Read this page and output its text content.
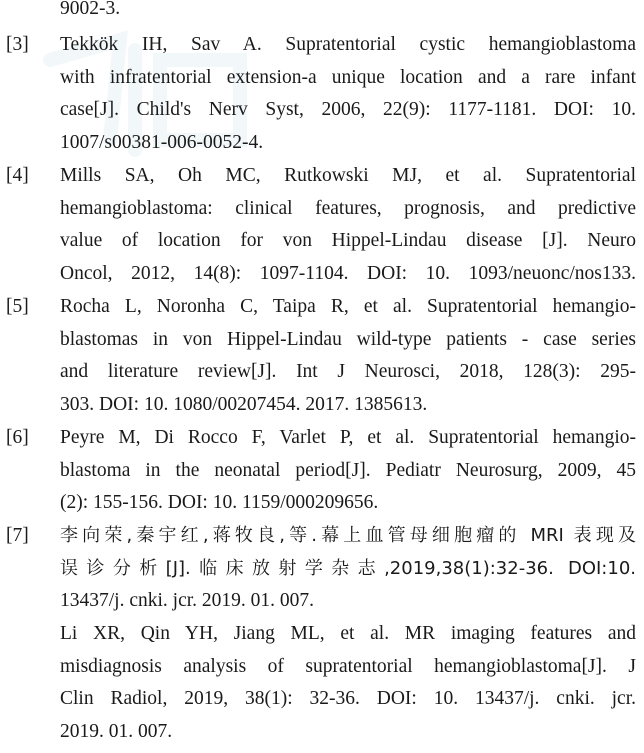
9002-3.
[3] Tekkök IH, Sav A. Supratentorial cystic hemangioblastoma
with infratentorial extension-a unique location and a rare infant
case[J]. Child's Nerv Syst, 2006, 22(9): 1177-1181. DOI: 10.
1007/s00381-006-0052-4.
[4] Mills SA, Oh MC, Rutkowski MJ, et al. Supratentorial
hemangioblastoma: clinical features, prognosis, and predictive
value of location for von Hippel-Lindau disease [J]. Neuro
Oncol, 2012, 14(8): 1097-1104. DOI: 10. 1093/neuonc/nos133.
[5] Rocha L, Noronha C, Taipa R, et al. Supratentorial hemangio-
blastomas in von Hippel-Lindau wild-type patients - case series
and literature review[J]. Int J Neurosci, 2018, 128(3): 295-
303. DOI: 10. 1080/00207454. 2017. 1385613.
[6] Peyre M, Di Rocco F, Varlet P, et al. Supratentorial hemangio-
blastoma in the neonatal period[J]. Pediatr Neurosurg, 2009, 45
(2): 155-156. DOI: 10. 1159/000209656.
[7] 李向荣,秦宇红,蒋牧良,等.幕上血管母细胞瘤的 MRI 表现及
误诊分析[J].临床放射学杂志,2019,38(1):32-36. DOI:10.
13437/j. cnki. jcr. 2019. 01. 007.
Li XR, Qin YH, Jiang ML, et al. MR imaging features and
misdiagnosis analysis of supratentorial hemangioblastoma[J]. J
Clin Radiol, 2019, 38(1): 32-36. DOI: 10. 13437/j. cnki. jcr.
2019. 01. 007.
